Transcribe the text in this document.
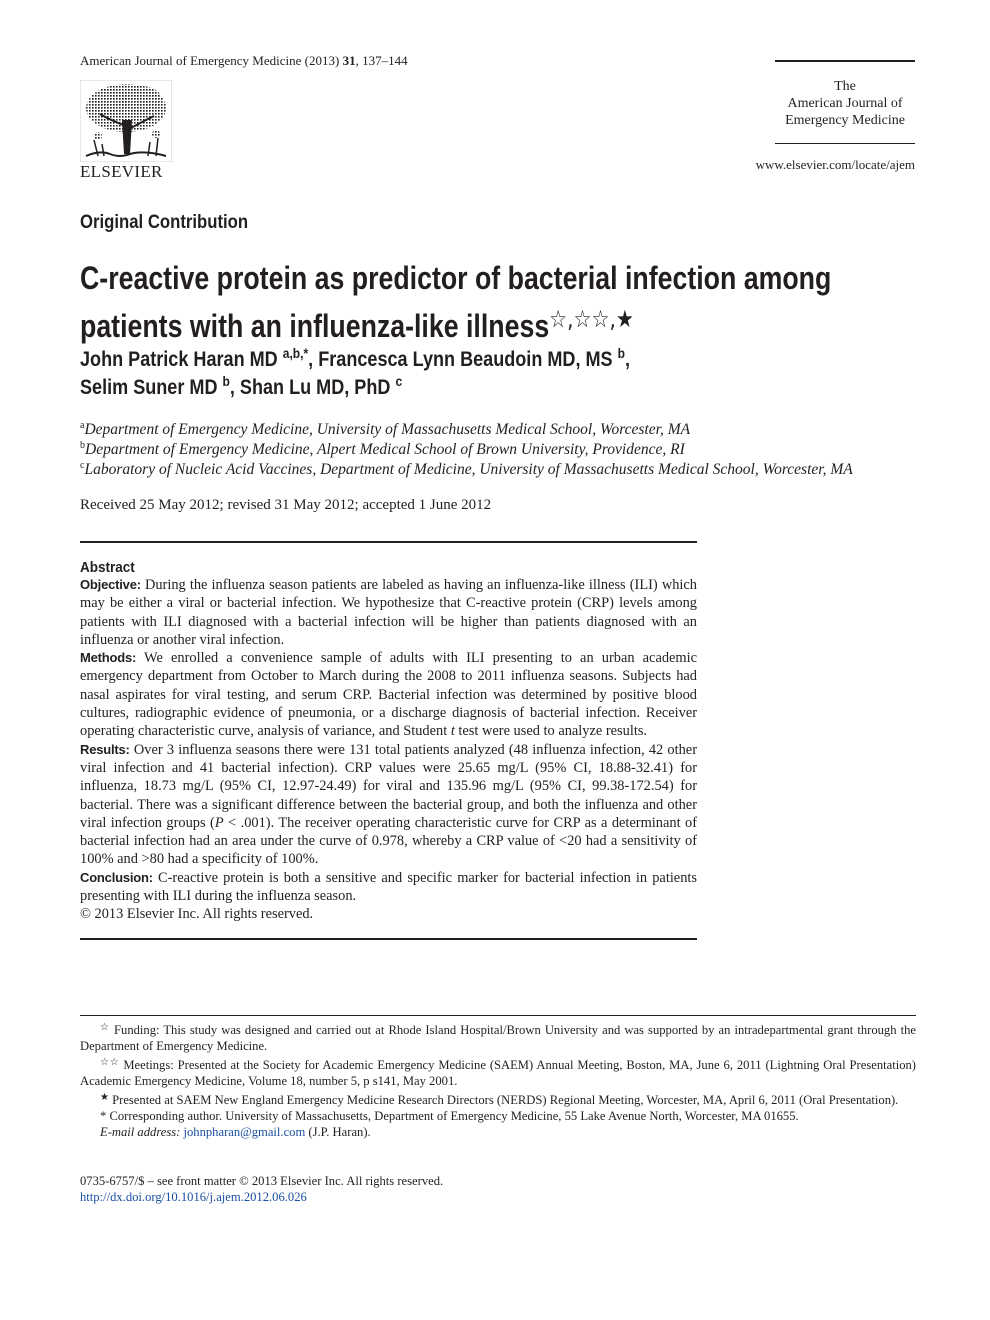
American Journal of Emergency Medicine (2013) 31, 137–144
ELSEVIER
The
American Journal of
Emergency Medicine
www.elsevier.com/locate/ajem
Original Contribution
C-reactive protein as predictor of bacterial infection among
patients with an influenza-like illness☆,☆☆,★
John Patrick Haran MD $^{a,b,*}$, Francesca Lynn Beaudoin MD, MS $^b$,
Selim Suner MD $^b$, Shan Lu MD, PhD $^c$
$^a$Department of Emergency Medicine, University of Massachusetts Medical School, Worcester, MA
$^b$Department of Emergency Medicine, Alpert Medical School of Brown University, Providence, RI
$^c$Laboratory of Nucleic Acid Vaccines, Department of Medicine, University of Massachusetts Medical School, Worcester, MA
Received 25 May 2012; revised 31 May 2012; accepted 1 June 2012
Abstract

Objective: During the influenza season patients are labeled as having an influenza-like illness (ILI) which may be either a viral or bacterial infection. We hypothesize that C-reactive protein (CRP) levels among patients with ILI diagnosed with a bacterial infection will be higher than patients diagnosed with an influenza or another viral infection.

Methods: We enrolled a convenience sample of adults with ILI presenting to an urban academic emergency department from October to March during the 2008 to 2011 influenza seasons. Subjects had nasal aspirates for viral testing, and serum CRP. Bacterial infection was determined by positive blood cultures, radiographic evidence of pneumonia, or a discharge diagnosis of bacterial infection. Receiver operating characteristic curve, analysis of variance, and Student t test were used to analyze results.

Results: Over 3 influenza seasons there were 131 total patients analyzed (48 influenza infection, 42 other viral infection and 41 bacterial infection). CRP values were 25.65 mg/L (95% CI, 18.88-32.41) for influenza, 18.73 mg/L (95% CI, 12.97-24.49) for viral and 135.96 mg/L (95% CI, 99.38-172.54) for bacterial. There was a significant difference between the bacterial group, and both the influenza and other viral infection groups (P < .001). The receiver operating characteristic curve for CRP as a determinant of bacterial infection had an area under the curve of 0.978, whereby a CRP value of <20 had a sensitivity of 100% and >80 had a specificity of 100%.

Conclusion: C-reactive protein is both a sensitive and specific marker for bacterial infection in patients presenting with ILI during the influenza season.

© 2013 Elsevier Inc. All rights reserved.

☆ Funding: This study was designed and carried out at Rhode Island Hospital/Brown University and was supported by an intradepartmental grant through the Department of Emergency Medicine.

☆☆ Meetings: Presented at the Society for Academic Emergency Medicine (SAEM) Annual Meeting, Boston, MA, June 6, 2011 (Lightning Oral Presentation) Academic Emergency Medicine, Volume 18, number 5, p s141, May 2001.

★ Presented at SAEM New England Emergency Medicine Research Directors (NERDS) Regional Meeting, Worcester, MA, April 6, 2011 (Oral Presentation).

* Corresponding author. University of Massachusetts, Department of Emergency Medicine, 55 Lake Avenue North, Worcester, MA 01655.

E-mail address: johnpharan@gmail.com (J.P. Haran).

0735-6757/$ – see front matter © 2013 Elsevier Inc. All rights reserved.
http://dx.doi.org/10.1016/j.ajem.2012.06.026
